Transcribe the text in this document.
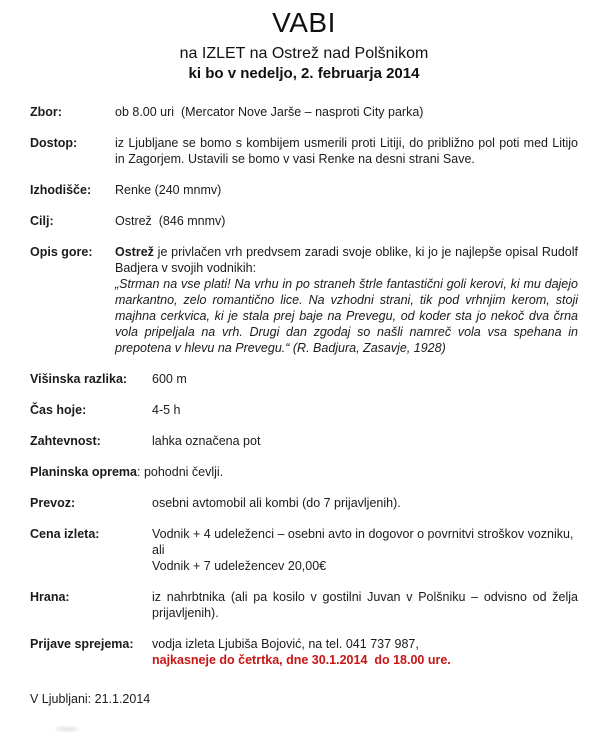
VABI
na IZLET na Ostrež nad Polšnikom
ki bo v nedeljo, 2. februarja 2014
Zbor:	ob 8.00 uri  (Mercator Nove Jarše – nasproti City parka)
Dostop:	iz Ljubljane se bomo s kombijem usmerili proti Litiji, do približno pol poti med Litijo in Zagorjem. Ustavili se bomo v vasi Renke na desni strani Save.
Izhodišče:	Renke (240 mnmv)
Cilj:	Ostrež  (846 mnmv)
Opis gore:	Ostrež je privlačen vrh predvsem zaradi svoje oblike, ki jo je najlepše opisal Rudolf Badjera v svojih vodnikih:
„Strman na vse plati! Na vrhu in po straneh štrle fantastični goli kerovi, ki mu dajejo markantno, zelo romantično lice. Na vzhodni strani, tik pod vrhnjim kerom, stoji majhna cerkvica, ki je stala prej baje na Prevegu, od koder sta jo nekoč dva črna vola pripeljala na vrh. Drugi dan zgodaj so našli namreč vola vsa spehana in prepotena v hlevu na Prevegu.“ (R. Badjura, Zasavje, 1928)
Višinska razlika:	600 m
Čas hoje:	4-5 h
Zahtevnost:	lahka označena pot
Planinska oprema: pohodni čevlji.
Prevoz:	osebni avtomobil ali kombi (do 7 prijavljenih).
Cena izleta:	Vodnik + 4 udeleženci – osebni avto in dogovor o povrnitvi stroškov vozniku, ali
Vodnik + 7 udeležencev 20,00€
Hrana:	iz nahrbtnika (ali pa kosilo v gostilni Juvan v Polšniku – odvisno od želja prijavljenih).
Prijave sprejema:	vodja izleta Ljubiša Bojović, na tel. 041 737 987,
najkasneje do četrtka, dne 30.1.2014  do 18.00 ure.
V Ljubljani: 21.1.2014
